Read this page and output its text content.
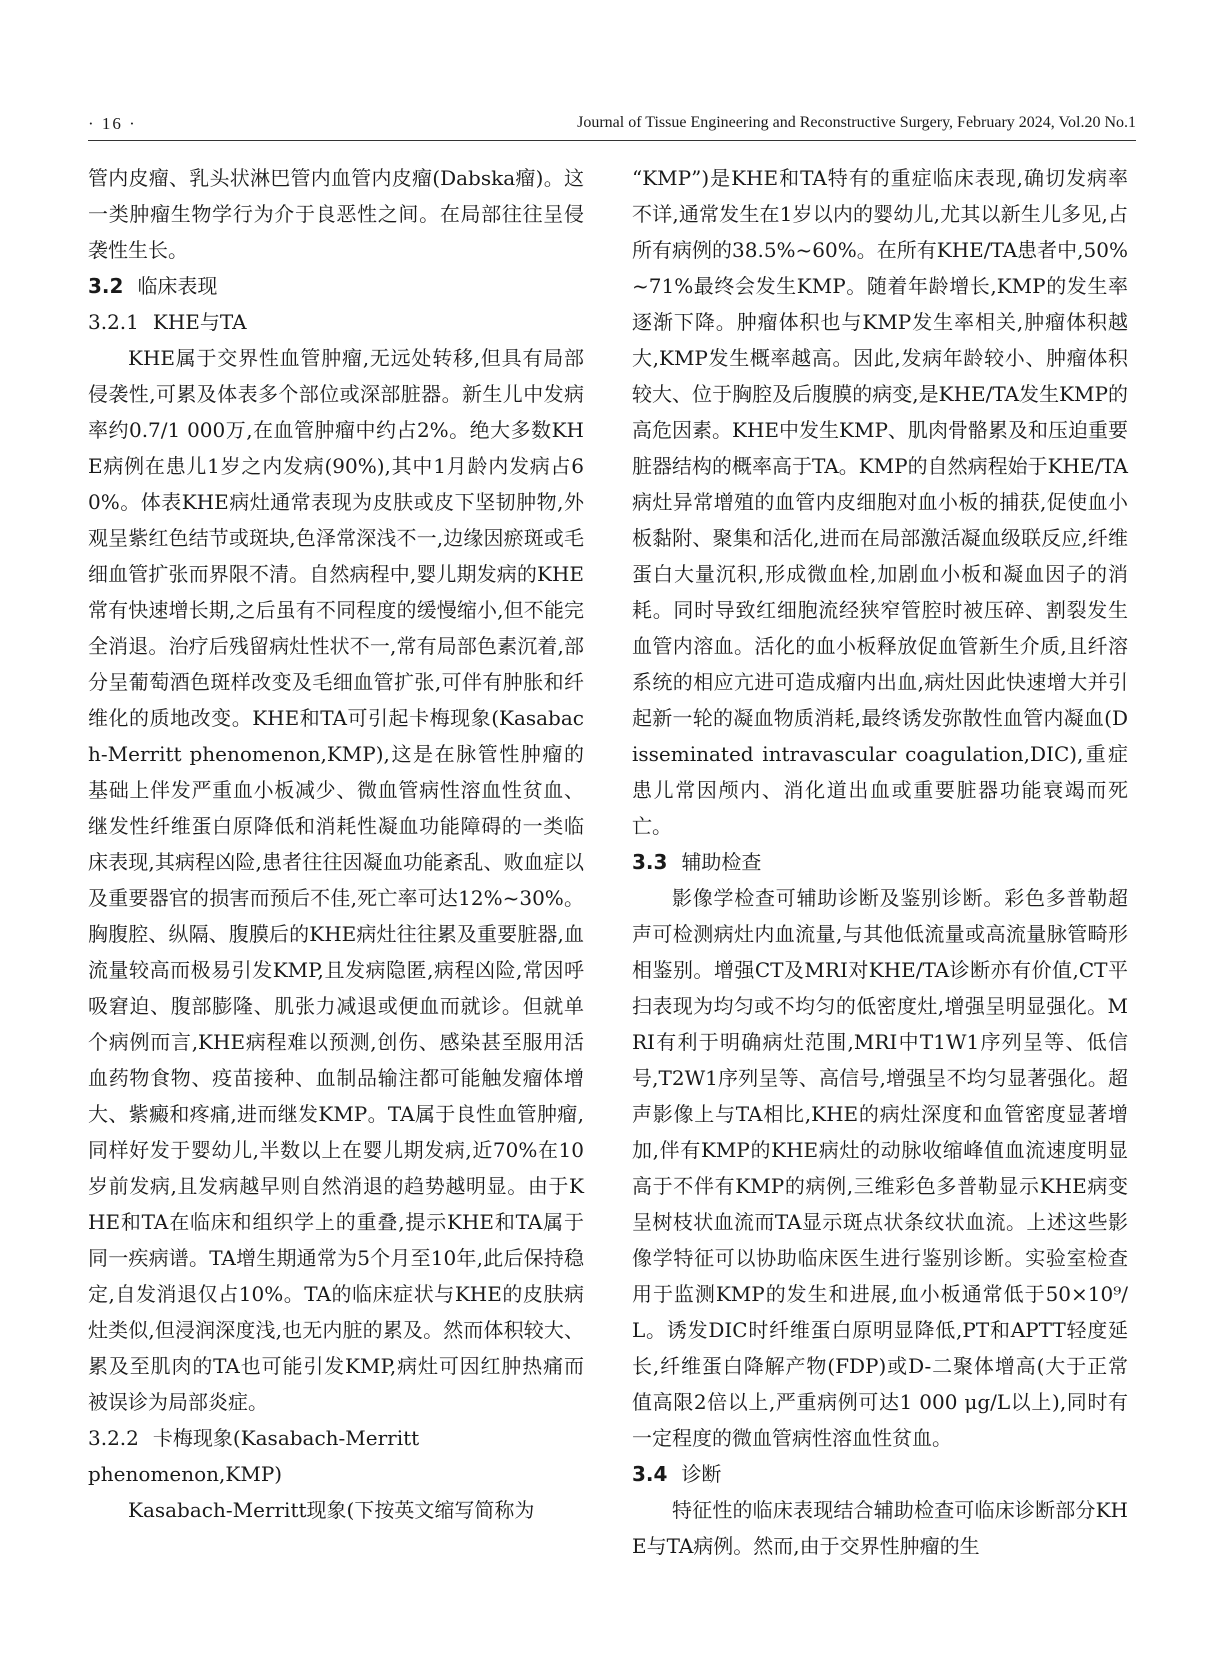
· 16 ·	Journal of Tissue Engineering and Reconstructive Surgery, February 2024, Vol.20 No.1

管内皮瘤、乳头状淋巴管内血管内皮瘤(Dabska瘤)。这一类肿瘤生物学行为介于良恶性之间。在局部往往呈侵袭性生长。

3.2 临床表现
3.2.1 KHE与TA

KHE属于交界性血管肿瘤,无远处转移,但具有局部侵袭性,可累及体表多个部位或深部脏器。新生儿中发病率约0.7/1 000万,在血管肿瘤中约占2%。绝大多数KHE病例在患儿1岁之内发病(90%),其中1月龄内发病占60%。体表KHE病灶通常表现为皮肤或皮下坚韧肿物,外观呈紫红色结节或斑块,色泽常深浅不一,边缘因瘀斑或毛细血管扩张而界限不清。自然病程中,婴儿期发病的KHE常有快速增长期,之后虽有不同程度的缓慢缩小,但不能完全消退。治疗后残留病灶性状不一,常有局部色素沉着,部分呈葡萄酒色斑样改变及毛细血管扩张,可伴有肿胀和纤维化的质地改变。KHE和TA可引起卡梅现象(Kasabach-Merritt phenomenon,KMP),这是在脉管性肿瘤的基础上伴发严重血小板减少、微血管病性溶血性贫血、继发性纤维蛋白原降低和消耗性凝血功能障碍的一类临床表现,其病程凶险,患者往往因凝血功能紊乱、败血症以及重要器官的损害而预后不佳,死亡率可达12%~30%。胸腹腔、纵隔、腹膜后的KHE病灶往往累及重要脏器,血流量较高而极易引发KMP,且发病隐匿,病程凶险,常因呼吸窘迫、腹部膨隆、肌张力减退或便血而就诊。但就单个病例而言,KHE病程难以预测,创伤、感染甚至服用活血药物食物、疫苗接种、血制品输注都可能触发瘤体增大、紫癜和疼痛,进而继发KMP。TA属于良性血管肿瘤,同样好发于婴幼儿,半数以上在婴儿期发病,近70%在10岁前发病,且发病越早则自然消退的趋势越明显。由于KHE和TA在临床和组织学上的重叠,提示KHE和TA属于同一疾病谱。TA增生期通常为5个月至10年,此后保持稳定,自发消退仅占10%。TA的临床症状与KHE的皮肤病灶类似,但浸润深度浅,也无内脏的累及。然而体积较大、累及至肌肉的TA也可能引发KMP,病灶可因红肿热痛而被误诊为局部炎症。

3.2.2 卡梅现象(Kasabach-Merritt phenomenon,KMP)

Kasabach-Merritt现象(下按英文缩写简称为

“KMP”)是KHE和TA特有的重症临床表现,确切发病率不详,通常发生在1岁以内的婴幼儿,尤其以新生儿多见,占所有病例的38.5%~60%。在所有KHE/TA患者中,50%~71%最终会发生KMP。随着年龄增长,KMP的发生率逐渐下降。肿瘤体积也与KMP发生率相关,肿瘤体积越大,KMP发生概率越高。因此,发病年龄较小、肿瘤体积较大、位于胸腔及后腹膜的病变,是KHE/TA发生KMP的高危因素。KHE中发生KMP、肌肉骨骼累及和压迫重要脏器结构的概率高于TA。KMP的自然病程始于KHE/TA病灶异常增殖的血管内皮细胞对血小板的捕获,促使血小板黏附、聚集和活化,进而在局部激活凝血级联反应,纤维蛋白大量沉积,形成微血栓,加剧血小板和凝血因子的消耗。同时导致红细胞流经狭窄管腔时被压碎、割裂发生血管内溶血。活化的血小板释放促血管新生介质,且纤溶系统的相应亢进可造成瘤内出血,病灶因此快速增大并引起新一轮的凝血物质消耗,最终诱发弥散性血管内凝血(Disseminated intravascular coagulation,DIC),重症患儿常因颅内、消化道出血或重要脏器功能衰竭而死亡。

3.3 辅助检查

影像学检查可辅助诊断及鉴别诊断。彩色多普勒超声可检测病灶内血流量,与其他低流量或高流量脉管畸形相鉴别。增强CT及MRI对KHE/TA诊断亦有价值,CT平扫表现为均匀或不均匀的低密度灶,增强呈明显强化。MRI有利于明确病灶范围,MRI中T1W1序列呈等、低信号,T2W1序列呈等、高信号,增强呈不均匀显著强化。超声影像上与TA相比,KHE的病灶深度和血管密度显著增加,伴有KMP的KHE病灶的动脉收缩峰值血流速度明显高于不伴有KMP的病例,三维彩色多普勒显示KHE病变呈树枝状血流而TA显示斑点状条纹状血流。上述这些影像学特征可以协助临床医生进行鉴别诊断。实验室检查用于监测KMP的发生和进展,血小板通常低于50×10⁹/L。诱发DIC时纤维蛋白原明显降低,PT和APTT轻度延长,纤维蛋白降解产物(FDP)或D-二聚体增高(大于正常值高限2倍以上,严重病例可达1 000 μg/L以上),同时有一定程度的微血管病性溶血性贫血。

3.4 诊断

特征性的临床表现结合辅助检查可临床诊断部分KHE与TA病例。然而,由于交界性肿瘤的生
